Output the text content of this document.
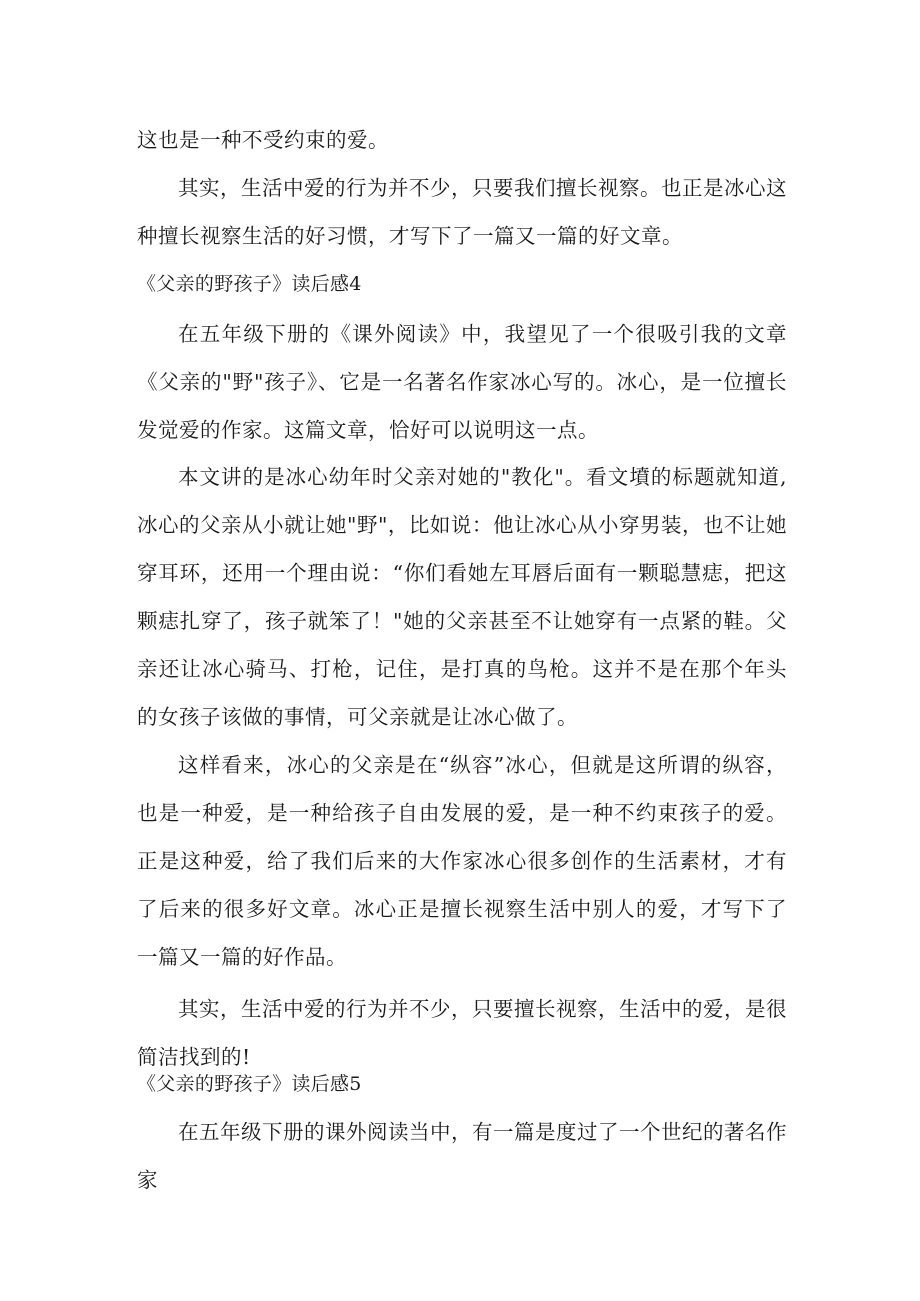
这也是一种不受约束的爱。

其实，生活中爱的行为并不少，只要我们擅长视察。也正是冰心这种擅长视察生活的好习惯，才写下了一篇又一篇的好文章。

《父亲的野孩子》读后感4

在五年级下册的《课外阅读》中，我望见了一个很吸引我的文章《父亲的"野"孩子》、它是一名著名作家冰心写的。冰心，是一位擅长发觉爱的作家。这篇文章，恰好可以说明这一点。

本文讲的是冰心幼年时父亲对她的"教化"。看文墳的标题就知道,冰心的父亲从小就让她"野"，比如说：他让冰心从小穿男装，也不让她穿耳环，还用一个理由说：“你们看她左耳唇后面有一颗聪慧痣，把这颗痣扎穿了，孩子就笨了！"她的父亲甚至不让她穿有一点紧的鞋。父亲还让冰心骑马、打枪，记住，是打真的鸟枪。这并不是在那个年头的女孩子该做的事情，可父亲就是让冰心做了。

这样看来，冰心的父亲是在“纵容”冰心，但就是这所谓的纵容，也是一种爱，是一种给孩子自由发展的爱，是一种不约束孩子的爱。正是这种爱，给了我们后来的大作家冰心很多创作的生活素材，才有了后来的很多好文章。冰心正是擅长视察生活中别人的爱，才写下了一篇又一篇的好作品。

其实，生活中爱的行为并不少，只要擅长视察，生活中的爱，是很简洁找到的!

《父亲的野孩子》读后感5

在五年级下册的课外阅读当中，有一篇是度过了一个世纪的著名作家
